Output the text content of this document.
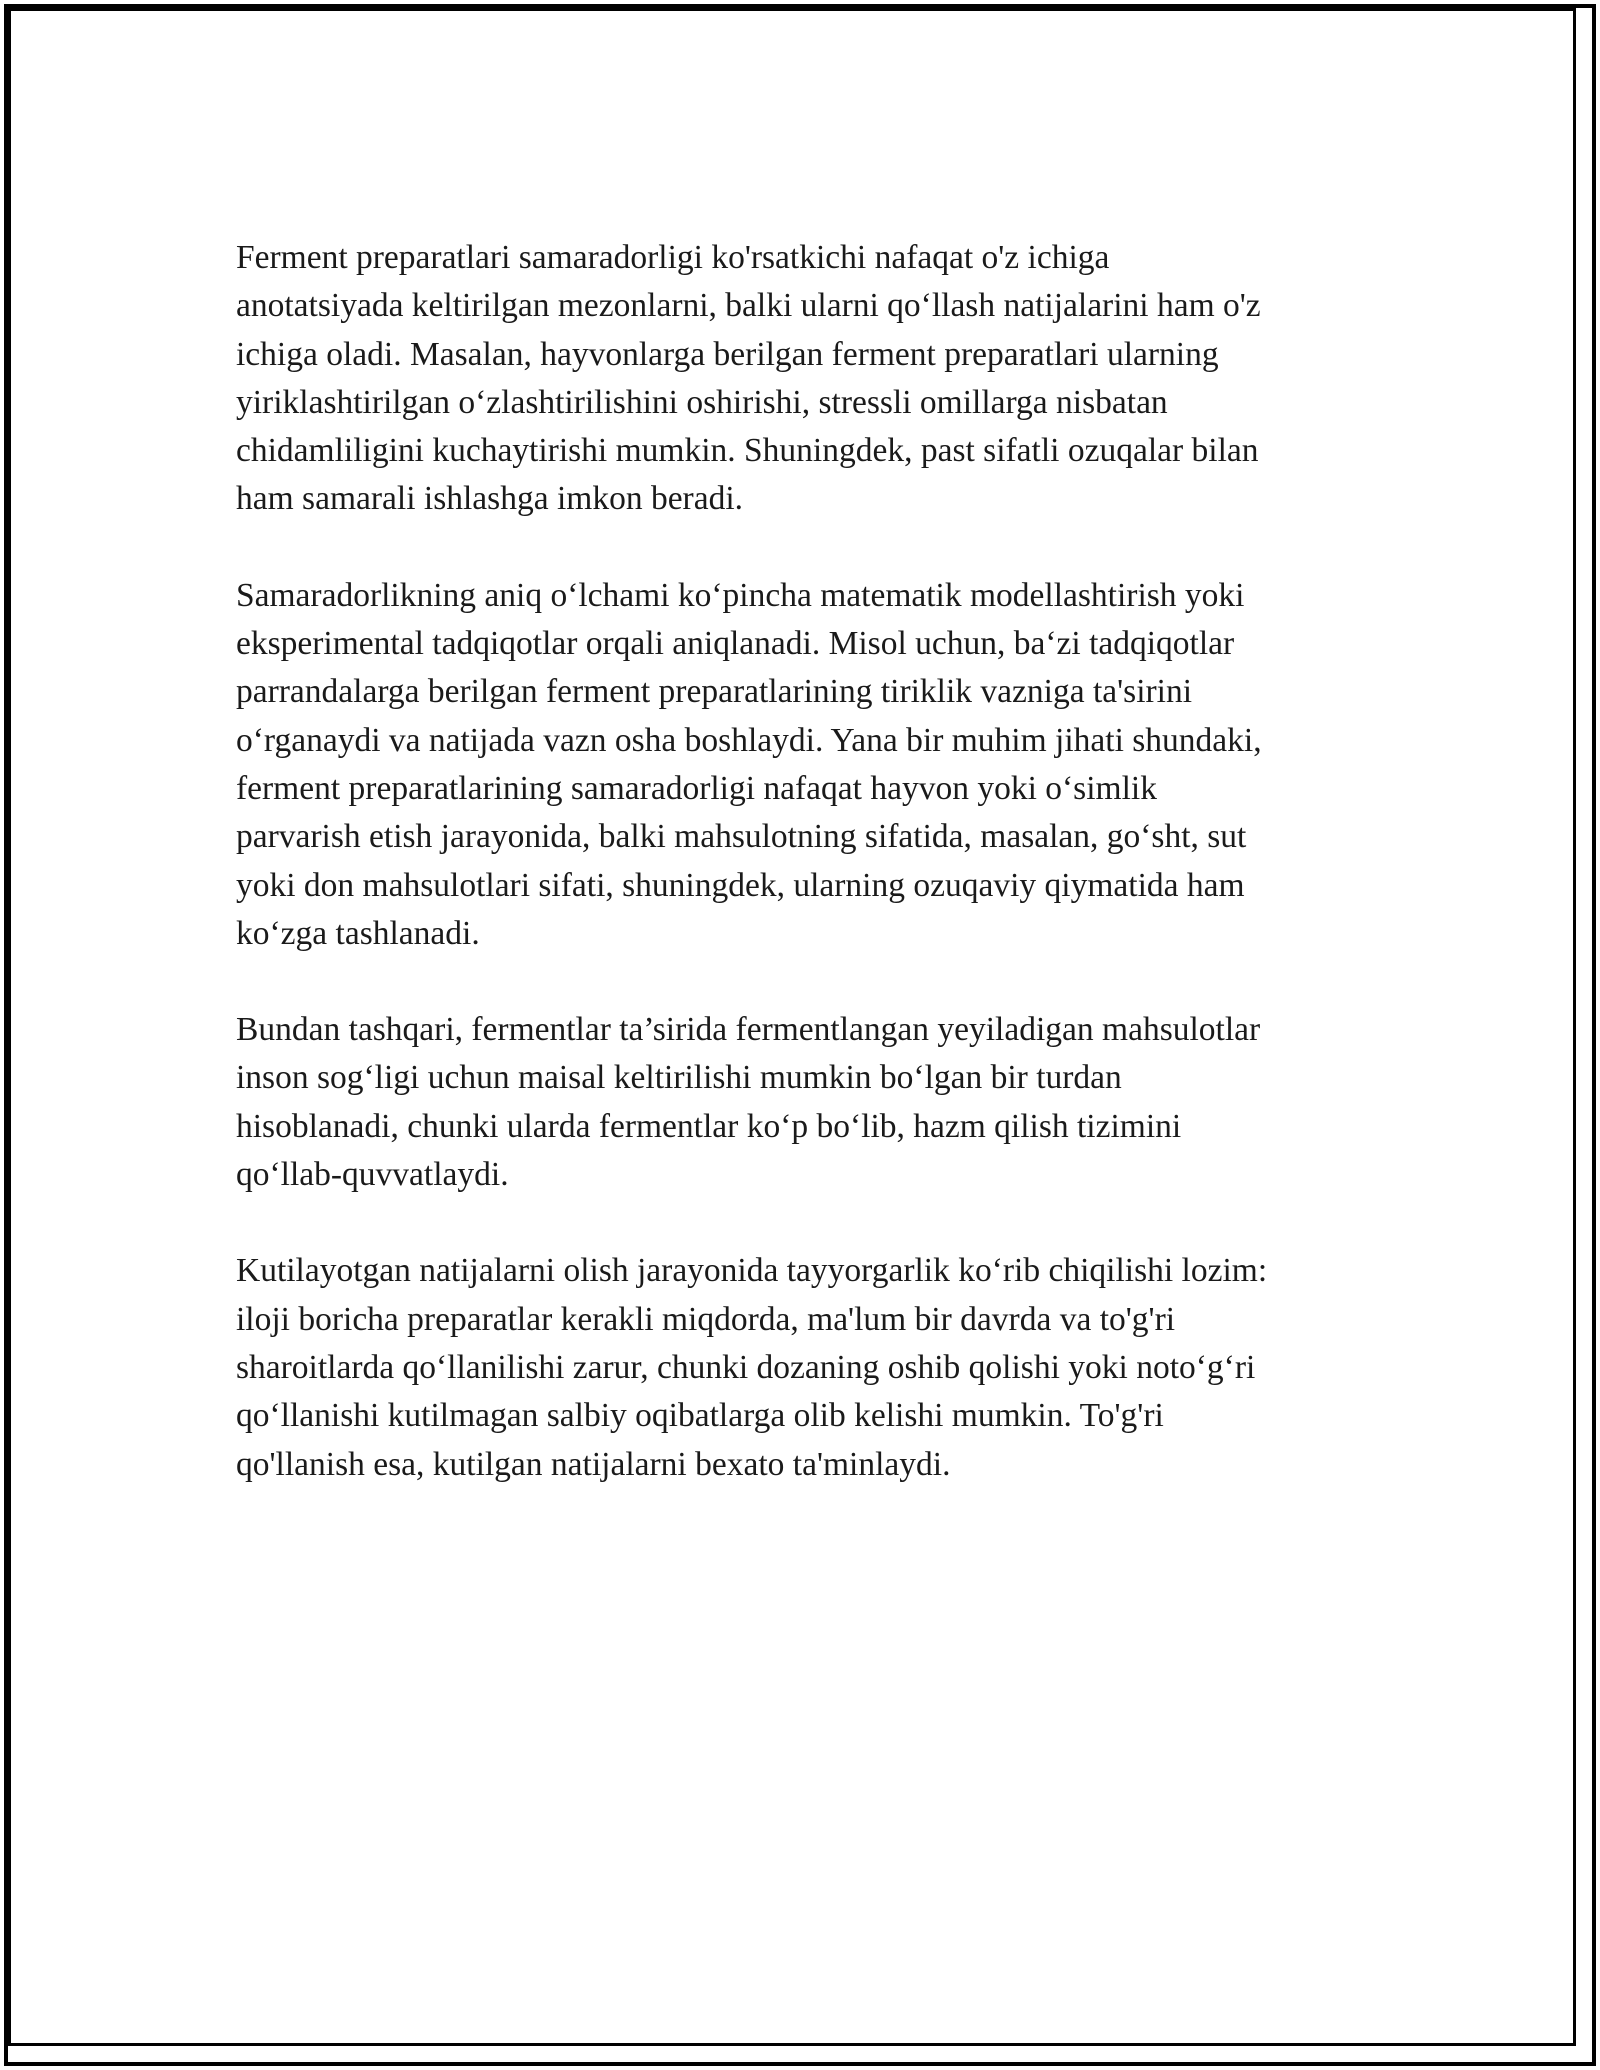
Ferment preparatlari samaradorligi ko'rsatkichi nafaqat o'z ichiga
anotatsiyada keltirilgan mezonlarni, balki ularni qo‘llash natijalarini ham o'z
ichiga oladi. Masalan, hayvonlarga berilgan ferment preparatlari ularning
yiriklashtirilgan o‘zlashtirilishini oshirishi, stressli omillarga nisbatan
chidamliligini kuchaytirishi mumkin. Shuningdek, past sifatli ozuqalar bilan
ham samarali ishlashga imkon beradi.

Samaradorlikning aniq o‘lchami ko‘pincha matematik modellashtirish yoki
eksperimental tadqiqotlar orqali aniqlanadi. Misol uchun, ba‘zi tadqiqotlar
parrandalarga berilgan ferment preparatlarining tiriklik vazniga ta'sirini
o‘rganaydi va natijada vazn osha boshlaydi. Yana bir muhim jihati shundaki,
ferment preparatlarining samaradorligi nafaqat hayvon yoki o‘simlik
parvarish etish jarayonida, balki mahsulotning sifatida, masalan, go‘sht, sut
yoki don mahsulotlari sifati, shuningdek, ularning ozuqaviy qiymatida ham
ko‘zga tashlanadi.

Bundan tashqari, fermentlar ta’sirida fermentlangan yeyiladigan mahsulotlar
inson sog‘ligi uchun maisal keltirilishi mumkin bo‘lgan bir turdan
hisoblanadi, chunki ularda fermentlar ko‘p bo‘lib, hazm qilish tizimini
qo‘llab-quvvatlaydi.

Kutilayotgan natijalarni olish jarayonida tayyorgarlik ko‘rib chiqilishi lozim:
iloji boricha preparatlar kerakli miqdorda, ma'lum bir davrda va to'g'ri
sharoitlarda qo‘llanilishi zarur, chunki dozaning oshib qolishi yoki noto‘g‘ri
qo‘llanishi kutilmagan salbiy oqibatlarga olib kelishi mumkin. To'g'ri
qo'llanish esa, kutilgan natijalarni bexato ta'minlaydi.
